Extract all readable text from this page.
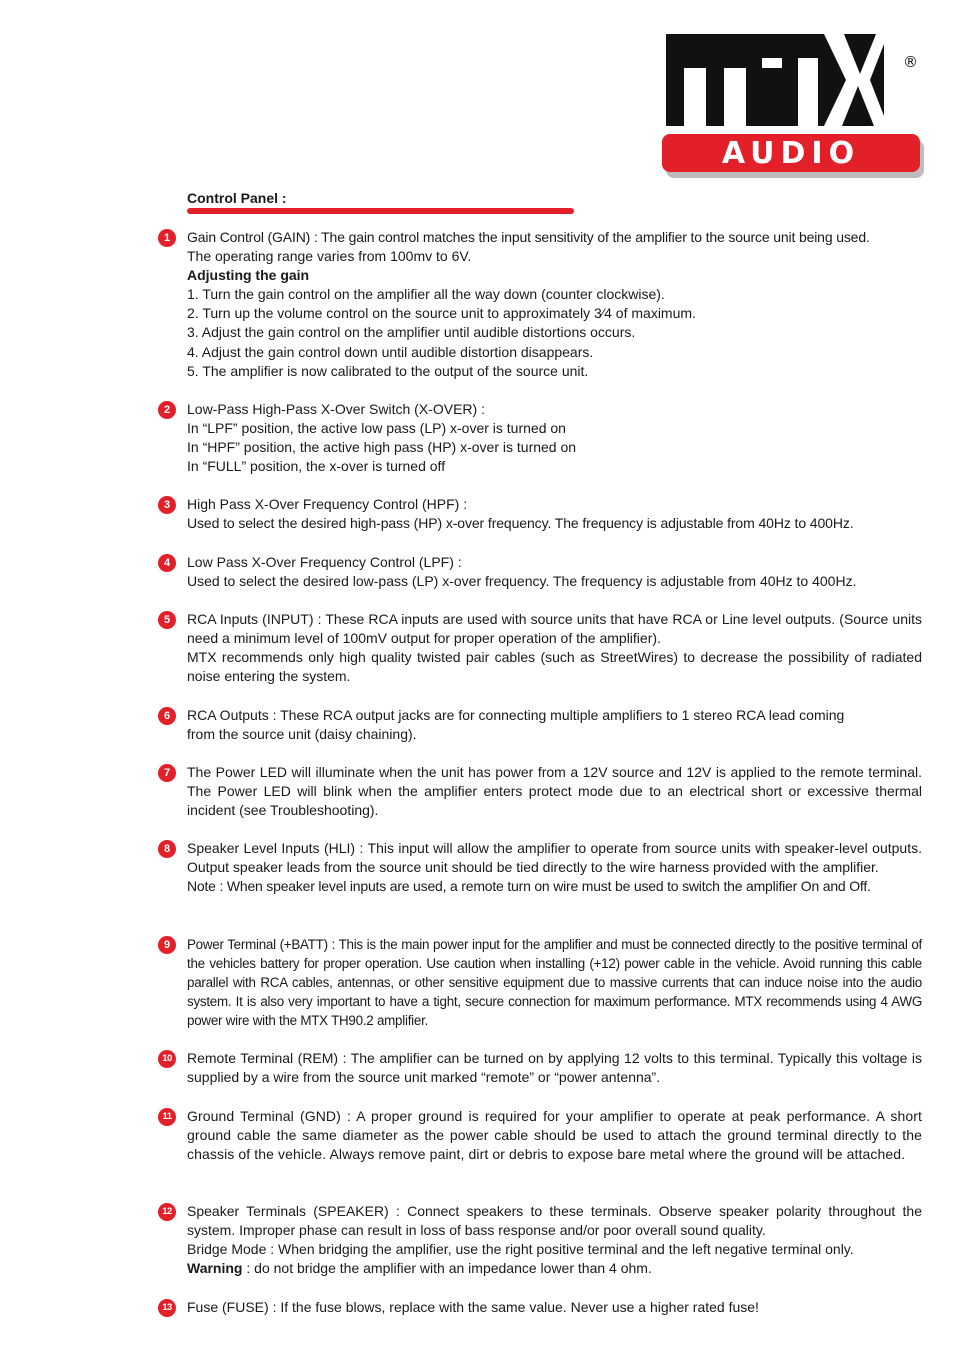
®
AUDIO
MTX
Control Panel :
1	Gain Control (GAIN) : The gain control matches the input sensitivity of the amplifier to the source unit being used.

The operating range varies from 100mv to 6V.

Adjusting the gain

1. Turn the gain control on the amplifier all the way down (counter clockwise).

2. Turn up the volume control on the source unit to approximately 3⁄4 of maximum.

3. Adjust the gain control on the amplifier until audible distortions occurs.

4. Adjust the gain control down until audible distortion disappears.

5. The amplifier is now calibrated to the output of the source unit.

2	Low-Pass High-Pass X-Over Switch (X-OVER) :

In “LPF” position, the active low pass (LP) x-over is turned on

In “HPF” position, the active high pass (HP) x-over is turned on

In “FULL” position, the x-over is turned off

3	High Pass X-Over Frequency Control (HPF) :

Used to select the desired high-pass (HP) x-over frequency. The frequency is adjustable from 40Hz to 400Hz.

4	Low Pass X-Over Frequency Control (LPF) :

Used to select the desired low-pass (LP) x-over frequency. The frequency is adjustable from 40Hz to 400Hz.

5	RCA Inputs (INPUT) : These RCA inputs are used with source units that have RCA or Line level outputs. (Source units need a minimum level of 100mV output for proper operation of the amplifier).

MTX recommends only high quality twisted pair cables (such as StreetWires) to decrease the possibility of radiated noise entering the system.

6	RCA Outputs : These RCA output jacks are for connecting multiple amplifiers to 1 stereo RCA lead coming

from the source unit (daisy chaining).

7	The Power LED will illuminate when the unit has power from a 12V source and 12V is applied to the remote terminal. The Power LED will blink when the amplifier enters protect mode due to an electrical short or excessive thermal incident (see Troubleshooting).

8	Speaker Level Inputs (HLI) : This input will allow the amplifier to operate from source units with speaker-level outputs. Output speaker leads from the source unit should be tied directly to the wire harness provided with the amplifier.

Note : When speaker level inputs are used, a remote turn on wire must be used to switch the amplifier On and Off.

9	Power Terminal (+BATT) : This is the main power input for the amplifier and must be connected directly to the positive terminal of the vehicles battery for proper operation. Use caution when installing (+12) power cable in the vehicle. Avoid running this cable parallel with RCA cables, antennas, or other sensitive equipment due to massive currents that can induce noise into the audio system. It is also very important to have a tight, secure connection for maximum performance. MTX recommends using 4 AWG power wire with the MTX TH90.2 amplifier.

10	Remote Terminal (REM) : The amplifier can be turned on by applying 12 volts to this terminal. Typically this voltage is supplied by a wire from the source unit marked “remote” or “power antenna”.

11	Ground Terminal (GND) : A proper ground is required for your amplifier to operate at peak performance. A short ground cable the same diameter as the power cable should be used to attach the ground terminal directly to the chassis of the vehicle. Always remove paint, dirt or debris to expose bare metal where the ground will be attached.

12	Speaker Terminals (SPEAKER) : Connect speakers to these terminals. Observe speaker polarity throughout the system. Improper phase can result in loss of bass response and/or poor overall sound quality.

Bridge Mode : When bridging the amplifier, use the right positive terminal and the left negative terminal only.

Warning : do not bridge the amplifier with an impedance lower than 4 ohm.

13	Fuse (FUSE) : If the fuse blows, replace with the same value. Never use a higher rated fuse!
